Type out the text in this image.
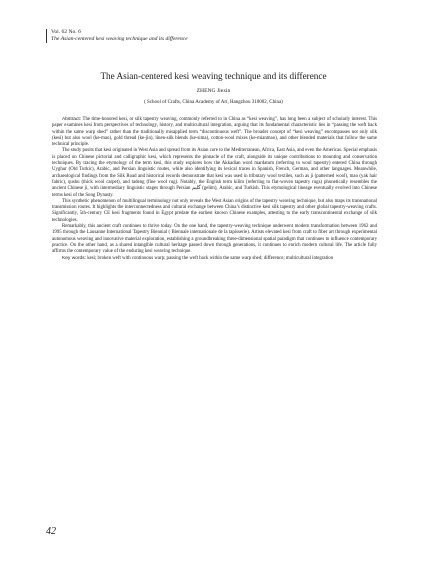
Vol. 62 No. 6
The Asian-centered kesi weaving technique and its difference
The Asian-centered kesi weaving technique and its difference
ZHENG Jiexin
( School of Crafts, China Academy of Art, Hangzhou 310002, China)

Abstract: The time-honored kesi, or silk tapestry weaving, commonly referred to in China as “kesi weaving”, has long been a subject of scholarly interest. This paper examines kesi from perspectives of technology, history, and multicultural integration, arguing that its fundamental characteristic lies in “passing the weft back within the same warp shed” rather than the traditionally misapplied term “discontinuous weft”. The broader concept of “kesi weaving” encompasses not only silk (kesi) but also wool (ke-mao), gold thread (ke-jin), linen-silk blends (ke-sima), cotton-wool mixes (ke-mianmao), and other blended materials that follow the same technical principle.

The study posits that kesi originated in West Asia and spread from its Asian core to the Mediterranean, Africa, East Asia, and even the Americas. Special emphasis is placed on Chinese pictorial and calligraphic kesi, which represents the pinnacle of the craft, alongside its unique contributions to mounting and conservation techniques. By tracing the etymology of the term kesi, this study explores how the Akkadian word mardatum (referring to wool tapestry) entered China through Uyghur (Old Turkic), Arabic, and Persian linguistic routes, while also identifying its lexical traces in Spanish, French, German, and other languages. Meanwhile, archaeological findings from the Silk Road and historical records demonstrate that kesi was used in tributary wool textiles, such as ji (patterned wool), mao (yak hair fabric), qushu (thick wool carpet), and tadeng (fine wool rug). Notably, the English term kilim (referring to flat-woven tapestry rugs) phonetically resembles the ancient Chinese ji, with intermediary linguistic stages through Persian گلیم (gelim), Arabic, and Turkish. This etymological lineage eventually evolved into Chinese terms kesi of the Song Dynasty.

This synthetic phenomenon of multilingual terminology not only reveals the West Asian origins of the tapestry weaving technique, but also maps its transnational transmission routes. It highlights the interconnectedness and cultural exchange between China’s distinctive kesi silk tapestry and other global tapestry-weaving crafts. Significantly, 5th-century CE kesi fragments found in Egypt predate the earliest known Chinese examples, attesting to the early transcontinental exchange of silk technologies.

Remarkably, this ancient craft continues to thrive today. On the one hand, the tapestry-weaving technique underwent modern transformation between 1962 and 1995 through the Lausanne International Tapestry Biennial ( Biennale internationale de la tapisserie). Artists elevated kesi from craft to fiber art through experimental autonomous weaving and innovative material exploration, establishing a groundbreaking three-dimensional spatial paradigm that continues to influence contemporary practice. On the other hand, as a shared intangible cultural heritage passed down through generations, it continues to enrich modern cultural life. The article fully affirms the contemporary value of the enduring kesi weaving technique.

Key words: kesi; broken weft with continuous warp; passing the weft back within the same warp shed; difference; multicultural integration

42
